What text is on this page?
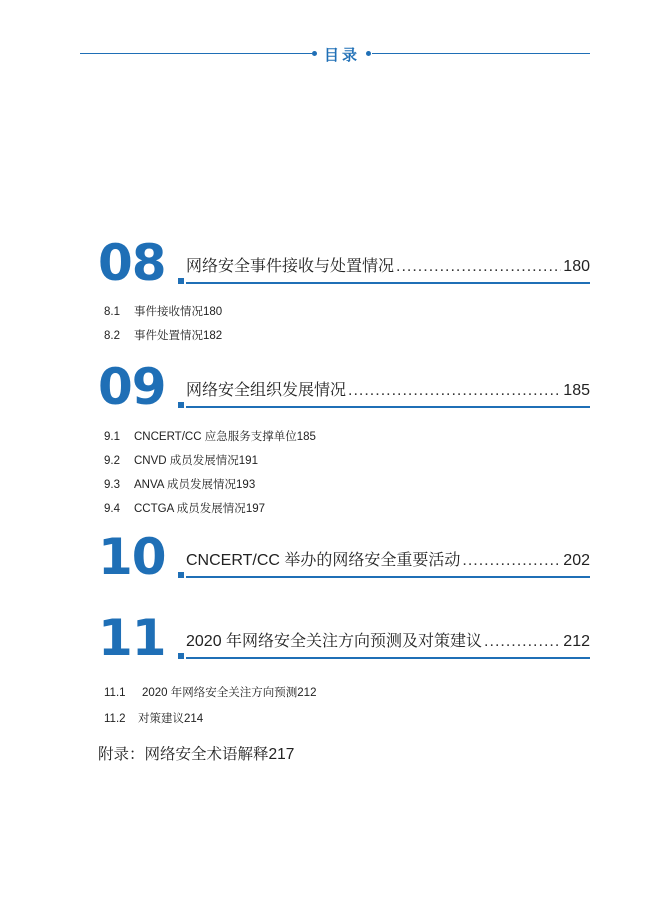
目录
08 网络安全事件接收与处置情况 .....	180
8.1	事件接收情况 180
8.2	事件处置情况 182
09 网络安全组织发展情况 .....	185
9.1	CNCERT/CC 应急服务支撑单位 185
9.2	CNVD 成员发展情况 191
9.3	ANVA 成员发展情况 193
9.4	CCTGA 成员发展情况 197
10 CNCERT/CC 举办的网络安全重要活动 .....	202
11 2020 年网络安全关注方向预测及对策建议 .....	212
11.1	2020 年网络安全关注方向预测 212
11.2	对策建议 214
附录：网络安全术语解释 217
